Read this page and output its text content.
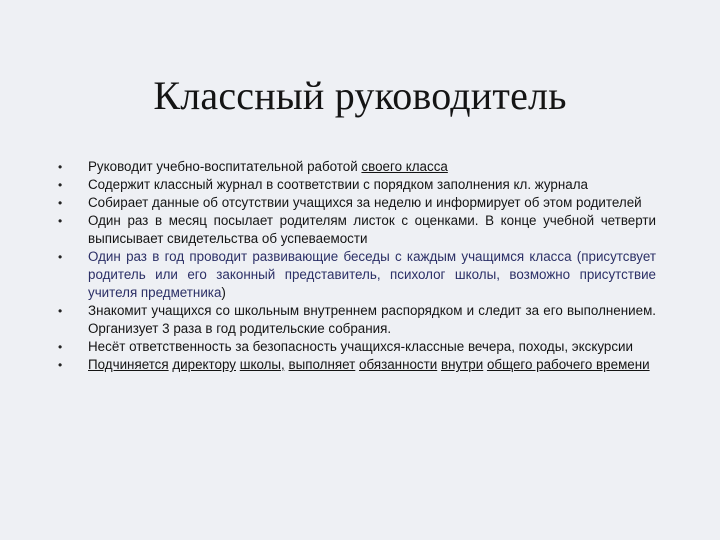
Классный руководитель
•	Руководит учебно-воспитательной работой своего класса
•	Содержит классный журнал в соответствии с порядком заполнения кл. журнала
•	Собирает данные об отсутствии учащихся за неделю и информирует об этом родителей
•	Один раз в месяц посылает родителям листок с оценками. В конце учебной четверти выписывает свидетельства об успеваемости
•	Один раз в год проводит развивающие беседы с каждым учащимся класса (присутсвует родитель или его законный представитель, психолог школы, возможно присутствие учителя предметника)
•	Знакомит учащихся со школьным внутреннем распорядком и следит за его выполнением. Организует 3 раза в год родительские собрания.
•	Несёт ответственность за безопасность учащихся-классные вечера, походы, экскурсии
•	Подчиняется директору школы, выполняет обязанности внутри общего рабочего времени
